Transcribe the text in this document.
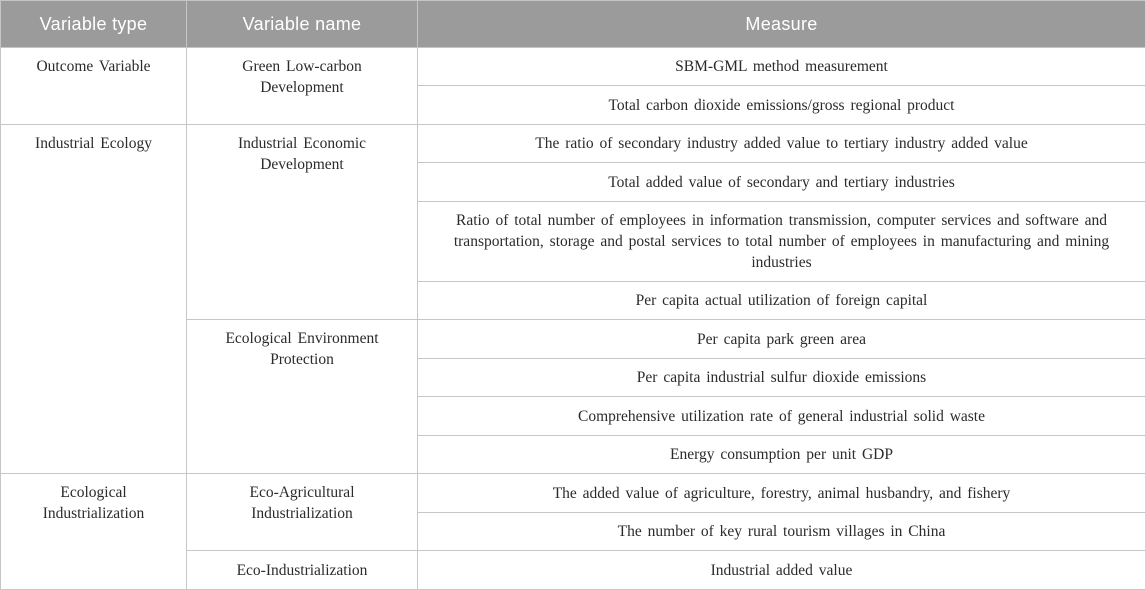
Variable type	Variable name	Measure
Outcome Variable	Green Low-carbon Development	SBM-GML method measurement
		Total carbon dioxide emissions/gross regional product
Industrial Ecology	Industrial Economic Development	The ratio of secondary industry added value to tertiary industry added value
		Total added value of secondary and tertiary industries
		Ratio of total number of employees in information transmission, computer services and software and transportation, storage and postal services to total number of employees in manufacturing and mining industries
		Per capita actual utilization of foreign capital
	Ecological Environment Protection	Per capita park green area
		Per capita industrial sulfur dioxide emissions
		Comprehensive utilization rate of general industrial solid waste
		Energy consumption per unit GDP
Ecological Industrialization	Eco-Agricultural Industrialization	The added value of agriculture, forestry, animal husbandry, and fishery
		The number of key rural tourism villages in China
	Eco-Industrialization	Industrial added value
